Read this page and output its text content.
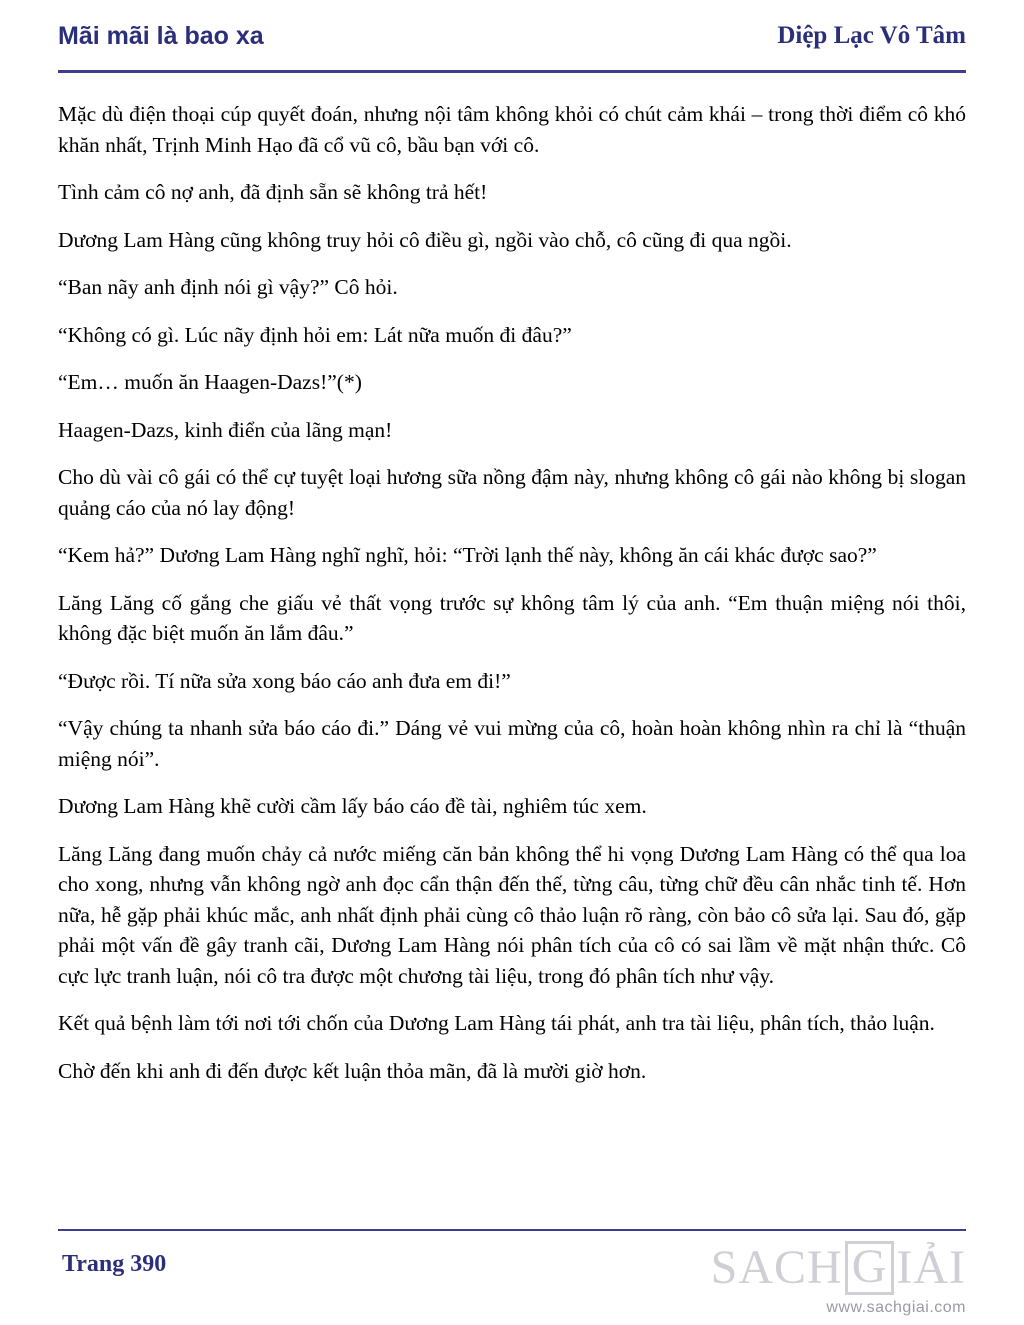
Mãi mãi là bao xa	Diệp Lạc Vô Tâm

Mặc dù điện thoại cúp quyết đoán, nhưng nội tâm không khỏi có chút cảm khái – trong thời điểm cô khó khăn nhất, Trịnh Minh Hạo đã cổ vũ cô, bầu bạn với cô.

Tình cảm cô nợ anh, đã định sẵn sẽ không trả hết!

Dương Lam Hàng cũng không truy hỏi cô điều gì, ngồi vào chỗ, cô cũng đi qua ngồi.

“Ban nãy anh định nói gì vậy?” Cô hỏi.

“Không có gì. Lúc nãy định hỏi em: Lát nữa muốn đi đâu?”

“Em… muốn ăn Haagen-Dazs!”(*)

Haagen-Dazs, kinh điển của lãng mạn!

Cho dù vài cô gái có thể cự tuyệt loại hương sữa nồng đậm này, nhưng không cô gái nào không bị slogan quảng cáo của nó lay động!

“Kem hả?” Dương Lam Hàng nghĩ nghĩ, hỏi: “Trời lạnh thế này, không ăn cái khác được sao?”

Lăng Lăng cố gắng che giấu vẻ thất vọng trước sự không tâm lý của anh. “Em thuận miệng nói thôi, không đặc biệt muốn ăn lắm đâu.”

“Được rồi. Tí nữa sửa xong báo cáo anh đưa em đi!”

“Vậy chúng ta nhanh sửa báo cáo đi.” Dáng vẻ vui mừng của cô, hoàn hoàn không nhìn ra chỉ là “thuận miệng nói”.

Dương Lam Hàng khẽ cười cầm lấy báo cáo đề tài, nghiêm túc xem.

Lăng Lăng đang muốn chảy cả nước miếng căn bản không thể hi vọng Dương Lam Hàng có thể qua loa cho xong, nhưng vẫn không ngờ anh đọc cẩn thận đến thế, từng câu, từng chữ đều cân nhắc tinh tế. Hơn nữa, hễ gặp phải khúc mắc, anh nhất định phải cùng cô thảo luận rõ ràng, còn bảo cô sửa lại. Sau đó, gặp phải một vấn đề gây tranh cãi, Dương Lam Hàng nói phân tích của cô có sai lầm về mặt nhận thức. Cô cực lực tranh luận, nói cô tra được một chương tài liệu, trong đó phân tích như vậy.

Kết quả bệnh làm tới nơi tới chốn của Dương Lam Hàng tái phát, anh tra tài liệu, phân tích, thảo luận.

Chờ đến khi anh đi đến được kết luận thỏa mãn, đã là mười giờ hơn.

Trang 390	SACH G I Ả I
www.sachgiai.com
